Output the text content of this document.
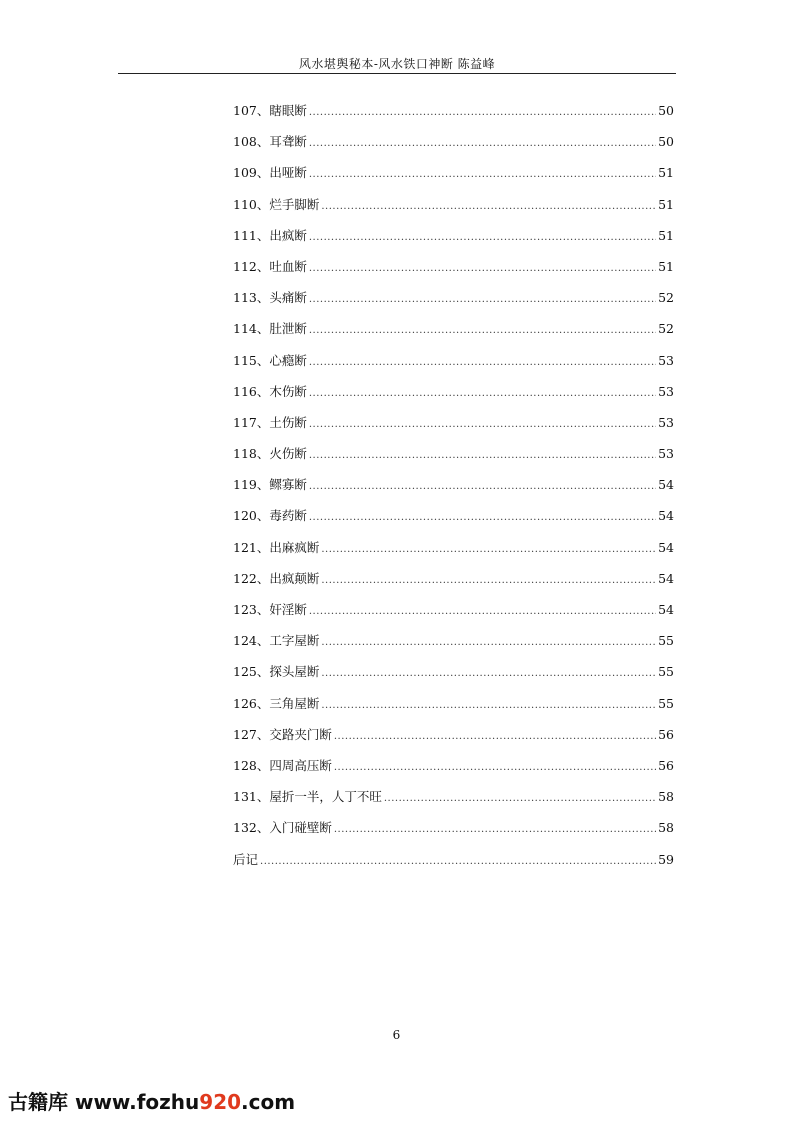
风水堪舆秘本-风水铁口神断 陈益峰
107、瞎眼断 .....	50
108、耳聋断 .....	50
109、出哑断 .....	51
110、烂手脚断 .....	51
111、出疯断 .....	51
112、吐血断 .....	51
113、头痛断 .....	52
114、肚泄断 .....	52
115、心瘾断 .....	53
116、木伤断 .....	53
117、土伤断 .....	53
118、火伤断 .....	53
119、鳏寡断 .....	54
120、毒药断 .....	54
121、出麻疯断 .....	54
122、出疯颠断 .....	54
123、奸淫断 .....	54
124、工字屋断 .....	55
125、探头屋断 .....	55
126、三角屋断 .....	55
127、交路夹门断 .....	56
128、四周高压断 .....	56
131、屋折一半，人丁不旺 .....	58
132、入门碰壁断 .....	58
后记 .....	59
6
古籍库 www.fozhu920.com
